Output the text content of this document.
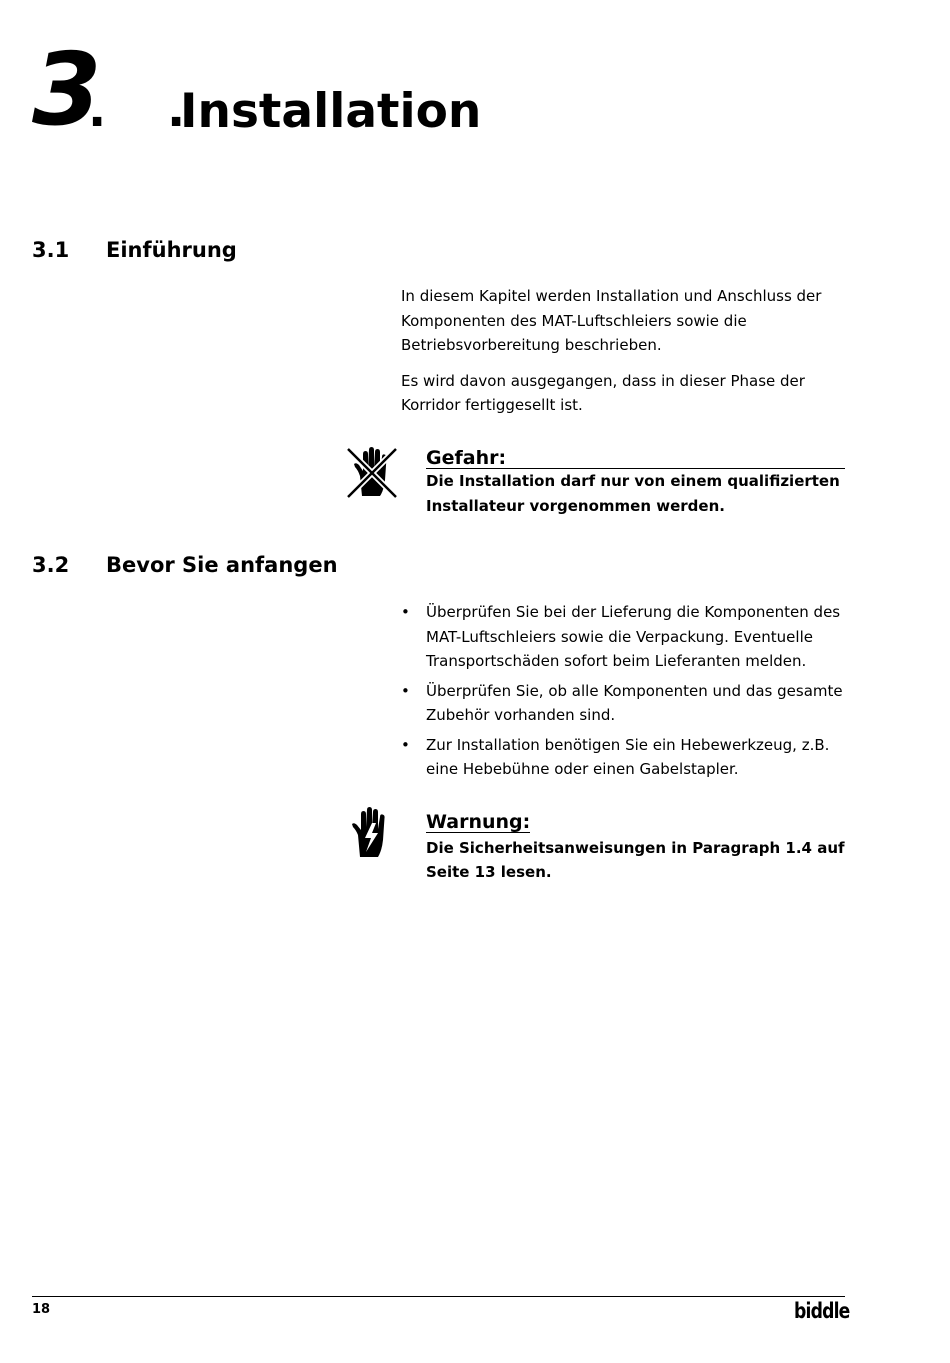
3
. .
Installation
3.1 Einführung

In diesem Kapitel werden Installation und Anschluss der Komponenten des MAT-Luftschleiers sowie die Betriebsvorbereitung beschrieben.

Es wird davon ausgegangen, dass in dieser Phase der Korridor fertiggesellt ist.

Gefahr:
Die Installation darf nur von einem qualifizierten Installateur vorgenommen werden.
3.2 Bevor Sie anfangen
• Überprüfen Sie bei der Lieferung die Komponenten des MAT-Luftschleiers sowie die Verpackung. Eventuelle Transportschäden sofort beim Lieferanten melden.
• Überprüfen Sie, ob alle Komponenten und das gesamte Zubehör vorhanden sind.
• Zur Installation benötigen Sie ein Hebewerkzeug, z.B. eine Hebebühne oder einen Gabelstapler.
Warnung:
Die Sicherheitsanweisungen in Paragraph 1.4 auf Seite 13 lesen.
18	biddle
